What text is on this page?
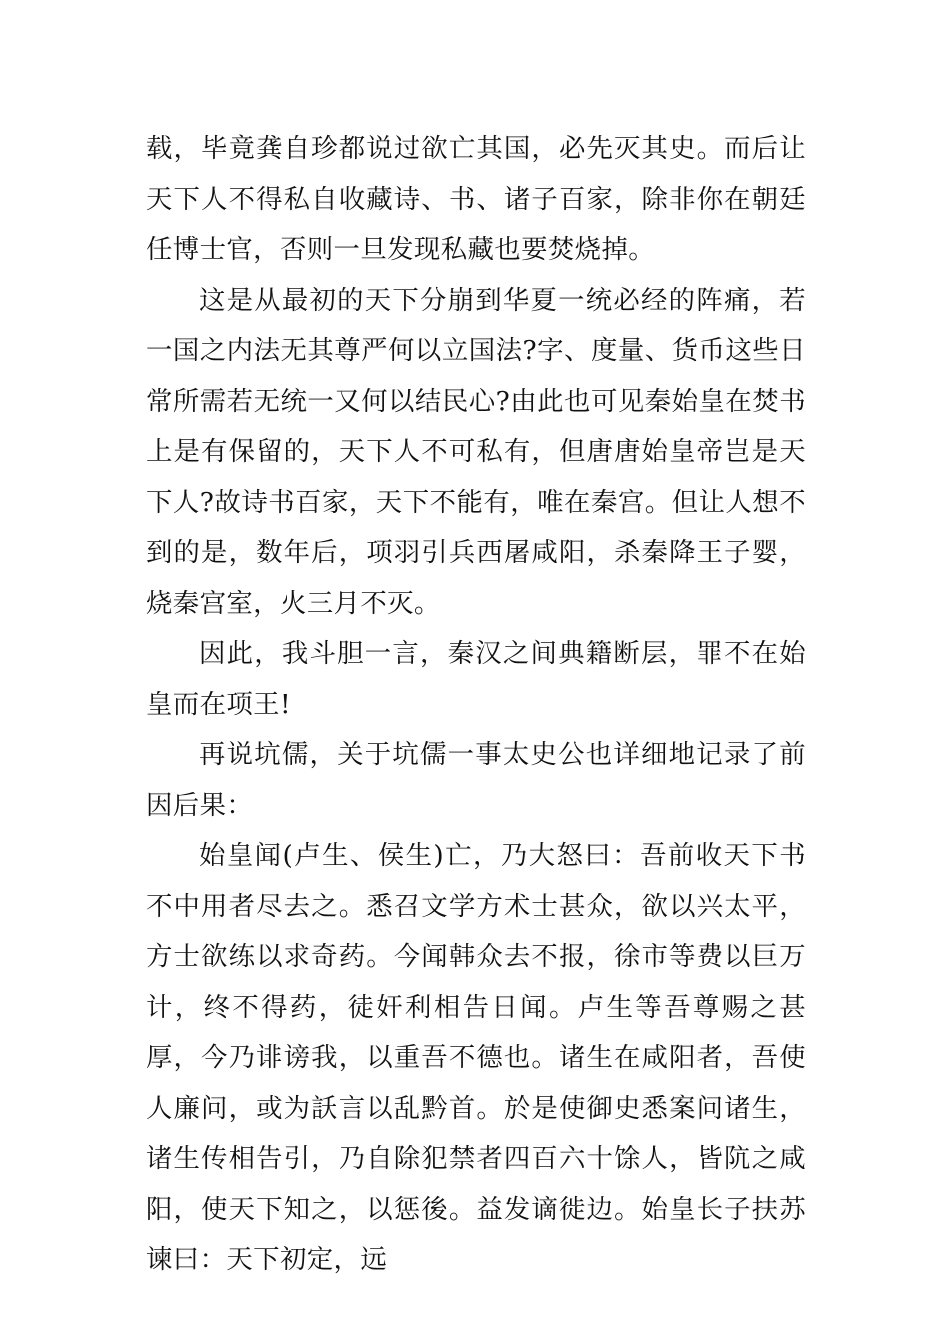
载，毕竟龚自珍都说过欲亡其国，必先灭其史。而后让天下人不得私自收藏诗、书、诸子百家，除非你在朝廷任博士官，否则一旦发现私藏也要焚烧掉。

这是从最初的天下分崩到华夏一统必经的阵痛，若一国之内法无其尊严何以立国法?字、度量、货币这些日常所需若无统一又何以结民心?由此也可见秦始皇在焚书上是有保留的，天下人不可私有，但唐唐始皇帝岂是天下人?故诗书百家，天下不能有，唯在秦宫。但让人想不到的是，数年后，项羽引兵西屠咸阳，杀秦降王子婴，烧秦宫室，火三月不灭。

因此，我斗胆一言，秦汉之间典籍断层，罪不在始皇而在项王!

再说坑儒，关于坑儒一事太史公也详细地记录了前因后果：

始皇闻(卢生、侯生)亡，乃大怒曰：吾前收天下书不中用者尽去之。悉召文学方术士甚众，欲以兴太平，方士欲练以求奇药。今闻韩众去不报，徐市等费以巨万计，终不得药，徒奸利相告日闻。卢生等吾尊赐之甚厚，今乃诽谤我，以重吾不德也。诸生在咸阳者，吾使人廉问，或为訞言以乱黔首。於是使御史悉案问诸生，诸生传相告引，乃自除犯禁者四百六十馀人，皆阬之咸阳，使天下知之，以惩後。益发谪徙边。始皇长子扶苏谏曰：天下初定，远
